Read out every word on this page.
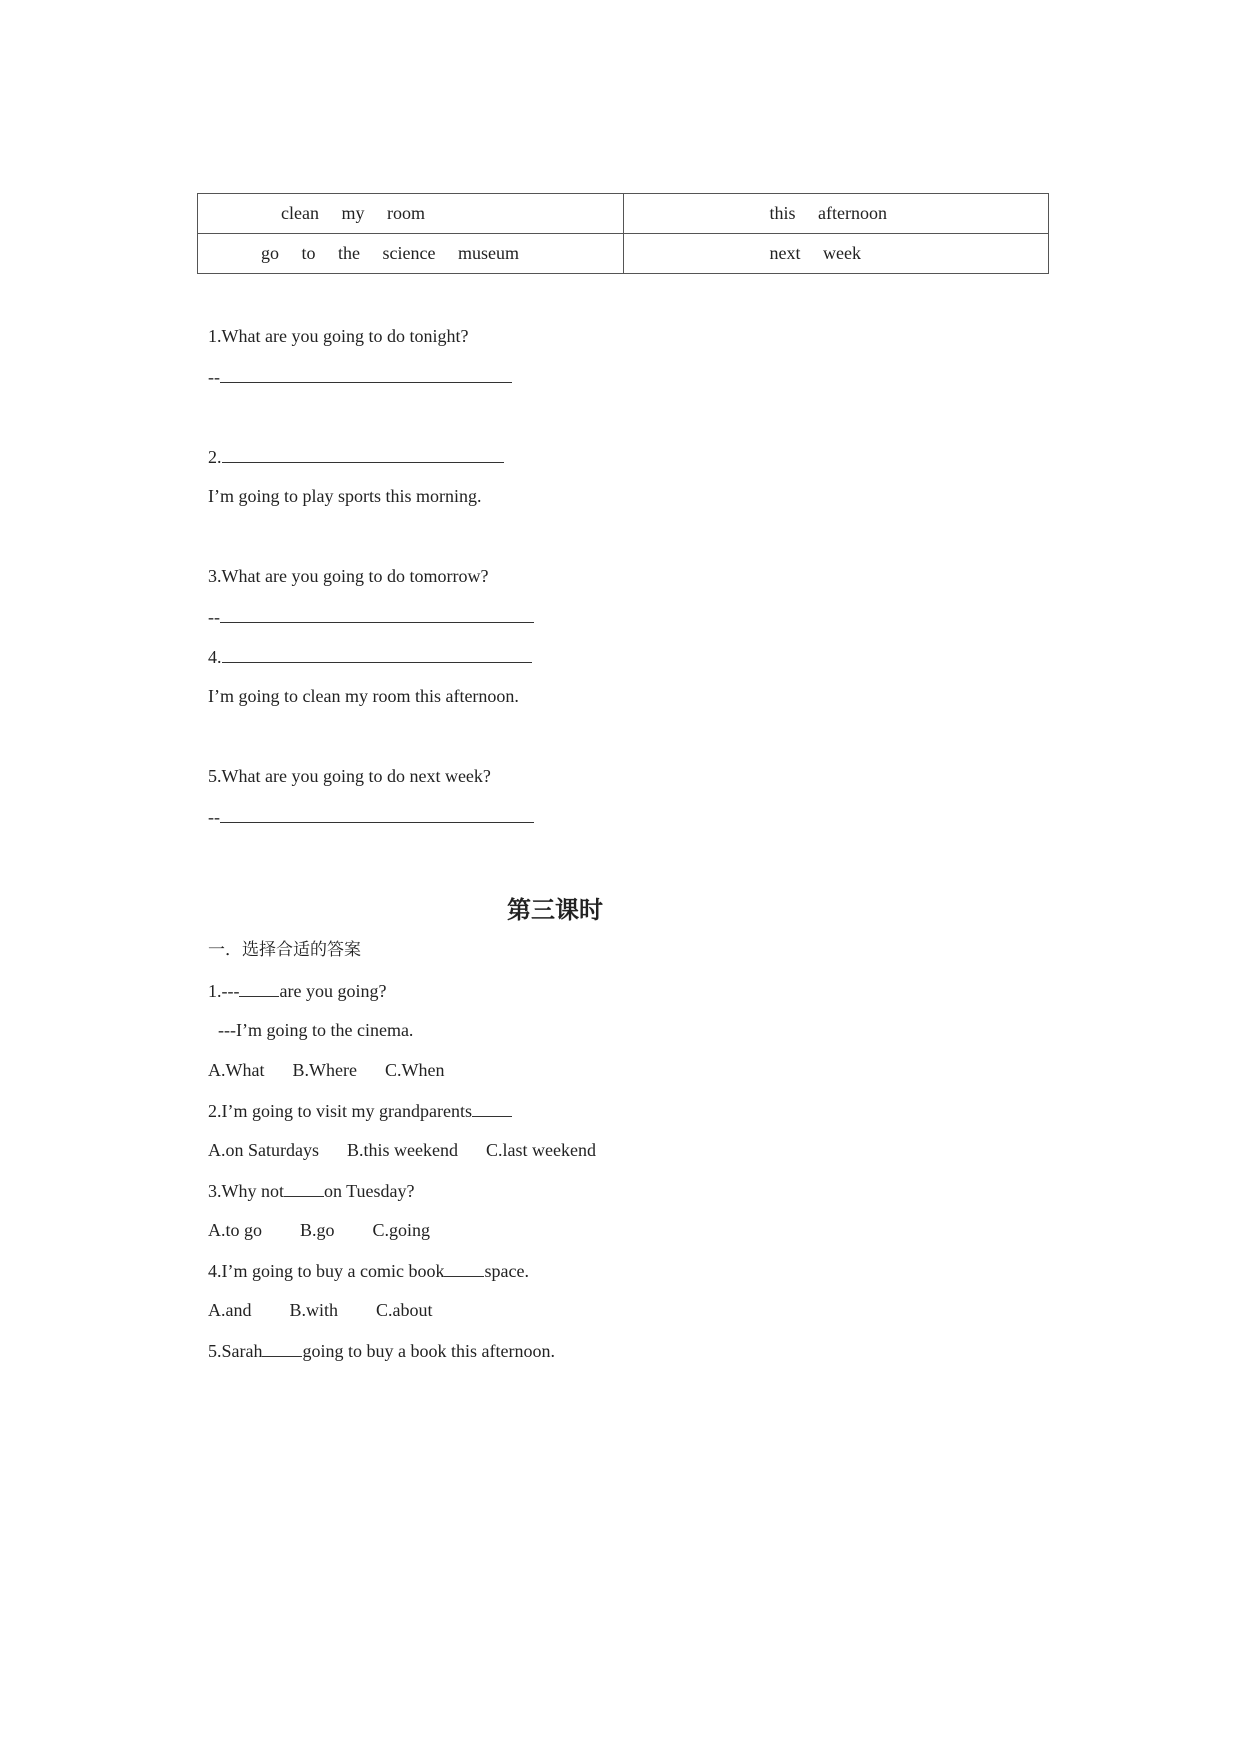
clean my room	this afternoon
go to the science museum	next week
1.What are you going to do tonight?
--
2.
I’m going to play sports this morning.
3.What are you going to do tomorrow?
--
4.
I’m going to clean my room this afternoon.
5.What are you going to do next week?
--
第三课时
一．选择合适的答案
1.--- are you going?
---I’m going to the cinema.
A.What B.Where C.When
2.I’m going to visit my grandparents
A.on Saturdays B.this weekend C.last weekend
3.Why not on Tuesday?
A.to go B.go C.going
4.I’m going to buy a comic book space.
A.and B.with C.about
5.Sarah going to buy a book this afternoon.
